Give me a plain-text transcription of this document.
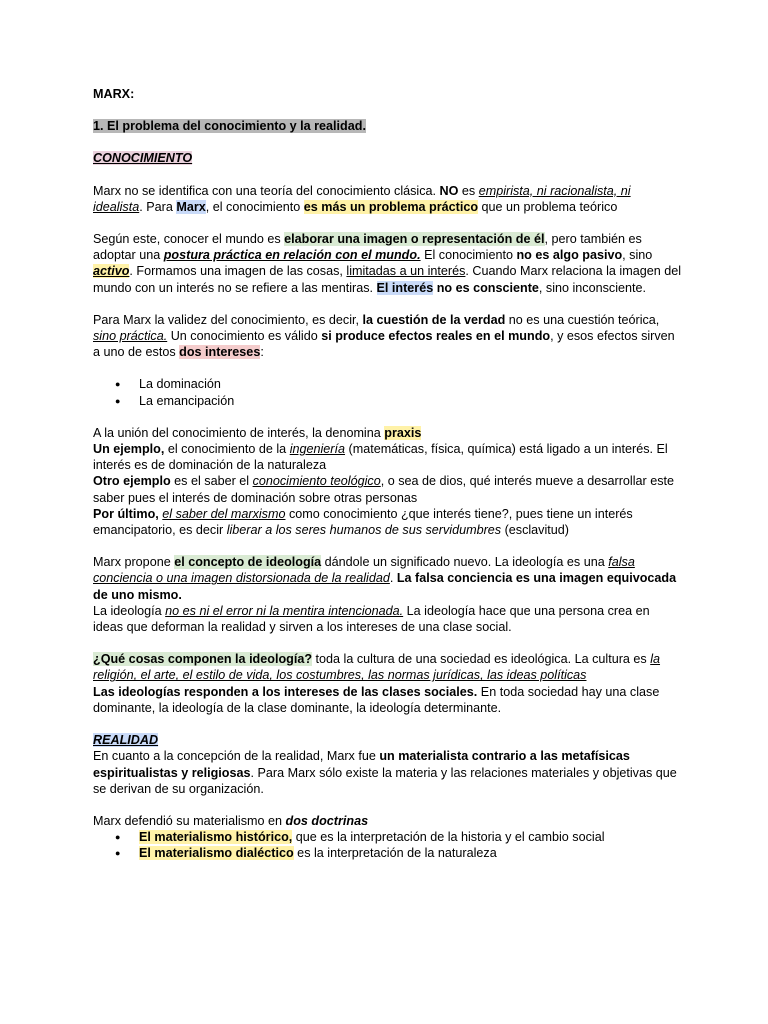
MARX:

1. El problema del conocimiento y la realidad.

CONOCIMIENTO

Marx no se identifica con una teoría del conocimiento clásica. NO es empirista, ni racionalista, ni idealista. Para Marx, el conocimiento es más un problema práctico que un problema teórico

Según este, conocer el mundo es elaborar una imagen o representación de él, pero también es adoptar una postura práctica en relación con el mundo. El conocimiento no es algo pasivo, sino activo. Formamos una imagen de las cosas, limitadas a un interés. Cuando Marx relaciona la imagen del mundo con un interés no se refiere a las mentiras. El interés no es consciente, sino inconsciente.

Para Marx la validez del conocimiento, es decir, la cuestión de la verdad no es una cuestión teórica, sino práctica. Un conocimiento es válido si produce efectos reales en el mundo, y esos efectos sirven a uno de estos dos intereses:

● La dominación
● La emancipación

A la unión del conocimiento de interés, la denomina praxis

Un ejemplo, el conocimiento de la ingeniería (matemáticas, física, química) está ligado a un interés. El interés es de dominación de la naturaleza

Otro ejemplo es el saber el conocimiento teológico, o sea de dios, qué interés mueve a desarrollar este saber pues el interés de dominación sobre otras personas

Por último, el saber del marxismo como conocimiento ¿que interés tiene?, pues tiene un interés emancipatorio, es decir liberar a los seres humanos de sus servidumbres (esclavitud)

Marx propone el concepto de ideología dándole un significado nuevo. La ideología es una falsa conciencia o una imagen distorsionada de la realidad. La falsa conciencia es una imagen equivocada de uno mismo.

La ideología no es ni el error ni la mentira intencionada. La ideología hace que una persona crea en ideas que deforman la realidad y sirven a los intereses de una clase social.

¿Qué cosas componen la ideología? toda la cultura de una sociedad es ideológica. La cultura es la religión, el arte, el estilo de vida, los costumbres, las normas jurídicas, las ideas políticas

Las ideologías responden a los intereses de las clases sociales. En toda sociedad hay una clase dominante, la ideología de la clase dominante, la ideología determinante.

REALIDAD

En cuanto a la concepción de la realidad, Marx fue un materialista contrario a las metafísicas espiritualistas y religiosas. Para Marx sólo existe la materia y las relaciones materiales y objetivas que se derivan de su organización.

Marx defendió su materialismo en dos doctrinas

● El materialismo histórico, que es la interpretación de la historia y el cambio social
● El materialismo dialéctico es la interpretación de la naturaleza
